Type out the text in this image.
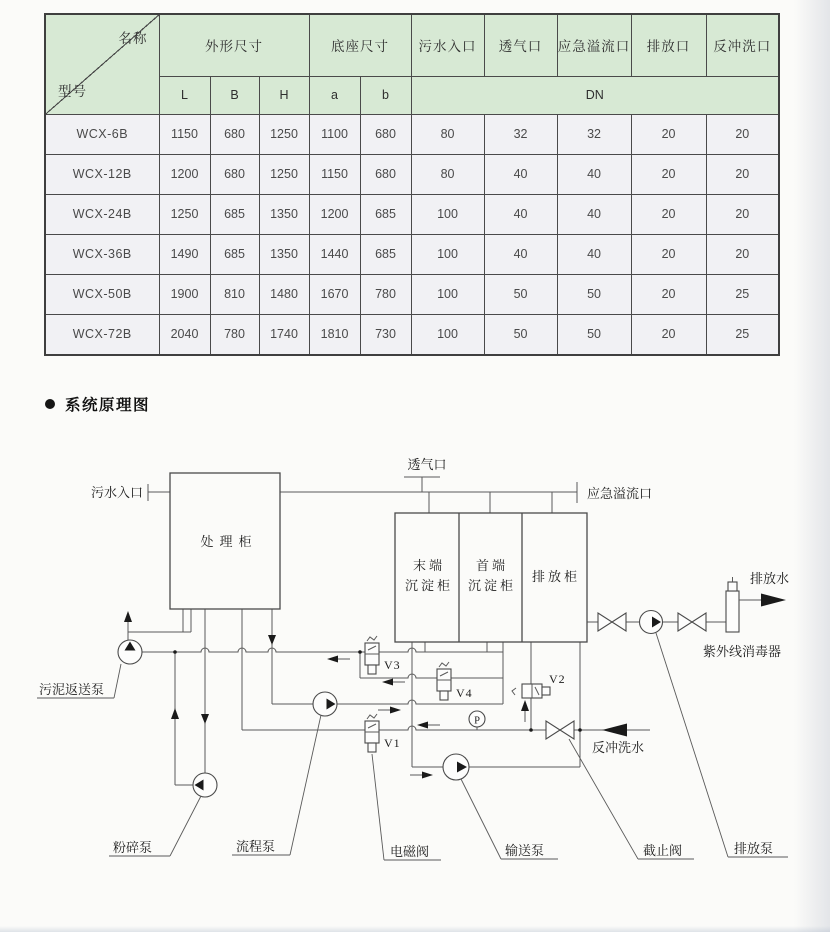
名称
型号	外形尺寸			底座尺寸		污水入口	透气口	应急溢流口	排放口	反冲洗口
	L	B	H	a	b	DN				
WCX-6B	1150	680	1250	1100	680	80	32	32	20	20
WCX-12B	1200	680	1250	1150	680	80	40	40	20	20
WCX-24B	1250	685	1350	1200	685	100	40	40	20	20
WCX-36B	1490	685	1350	1440	685	100	40	40	20	20
WCX-50B	1900	810	1480	1670	780	100	50	50	20	25
WCX-72B	2040	780	1740	1810	730	100	50	50	20	25
系统原理图
处理柜
末端
沉淀柜
首端
沉淀柜
排放柜
污水入口
透气口
应急溢流口
V3
V4
V1
V2
P
排放水
紫外线消毒器
反冲洗水
污泥返送泵
粉碎泵	流程泵	电磁阀	输送泵	截止阀	排放泵
